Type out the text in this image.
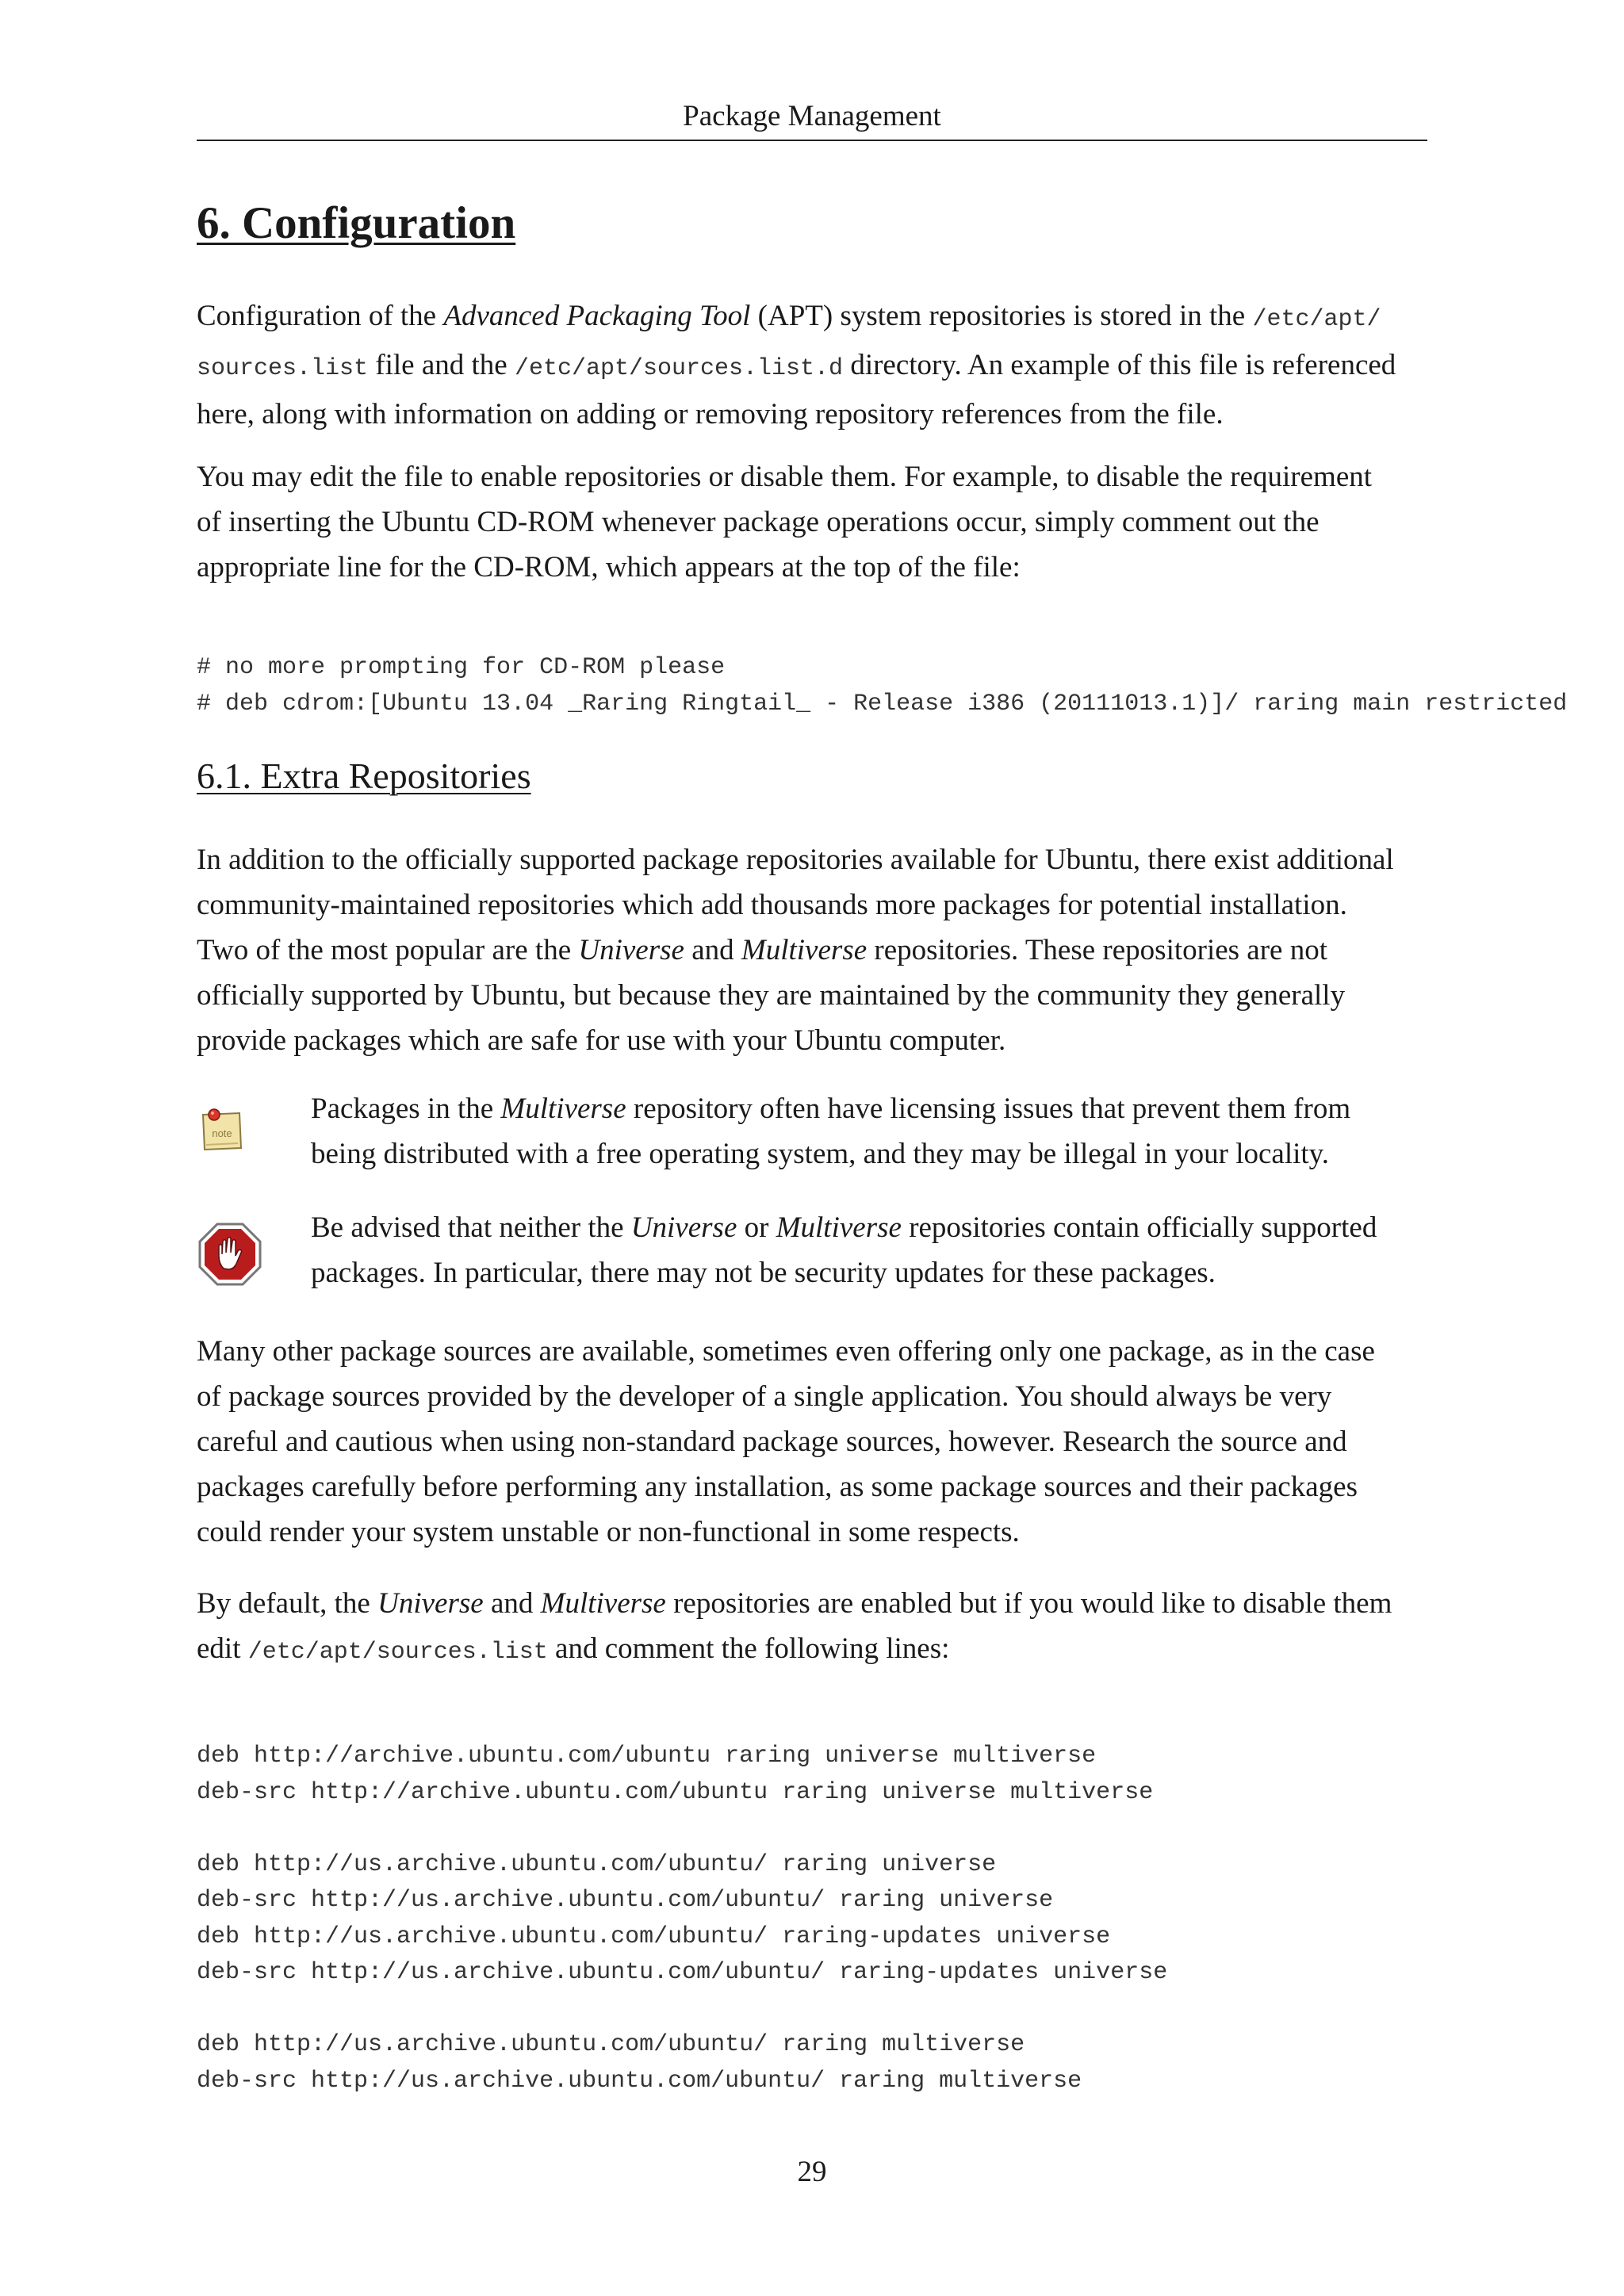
Package Management
6. Configuration

Configuration of the Advanced Packaging Tool (APT) system repositories is stored in the /etc/apt/
sources.list file and the /etc/apt/sources.list.d directory. An example of this file is referenced
here, along with information on adding or removing repository references from the file.

You may edit the file to enable repositories or disable them. For example, to disable the requirement
of inserting the Ubuntu CD-ROM whenever package operations occur, simply comment out the
appropriate line for the CD-ROM, which appears at the top of the file:

# no more prompting for CD-ROM please
# deb cdrom:[Ubuntu 13.04 _Raring Ringtail_ - Release i386 (20111013.1)]/ raring main restricted
6.1. Extra Repositories

In addition to the officially supported package repositories available for Ubuntu, there exist additional
community-maintained repositories which add thousands more packages for potential installation.
Two of the most popular are the Universe and Multiverse repositories. These repositories are not
officially supported by Ubuntu, but because they are maintained by the community they generally
provide packages which are safe for use with your Ubuntu computer.

note
Packages in the Multiverse repository often have licensing issues that prevent them from
being distributed with a free operating system, and they may be illegal in your locality.
Be advised that neither the Universe or Multiverse repositories contain officially supported
packages. In particular, there may not be security updates for these packages.

Many other package sources are available, sometimes even offering only one package, as in the case
of package sources provided by the developer of a single application. You should always be very
careful and cautious when using non-standard package sources, however. Research the source and
packages carefully before performing any installation, as some package sources and their packages
could render your system unstable or non-functional in some respects.

By default, the Universe and Multiverse repositories are enabled but if you would like to disable them
edit /etc/apt/sources.list and comment the following lines:

deb http://archive.ubuntu.com/ubuntu raring universe multiverse
deb-src http://archive.ubuntu.com/ubuntu raring universe multiverse

deb http://us.archive.ubuntu.com/ubuntu/ raring universe
deb-src http://us.archive.ubuntu.com/ubuntu/ raring universe
deb http://us.archive.ubuntu.com/ubuntu/ raring-updates universe
deb-src http://us.archive.ubuntu.com/ubuntu/ raring-updates universe

deb http://us.archive.ubuntu.com/ubuntu/ raring multiverse
deb-src http://us.archive.ubuntu.com/ubuntu/ raring multiverse
29
